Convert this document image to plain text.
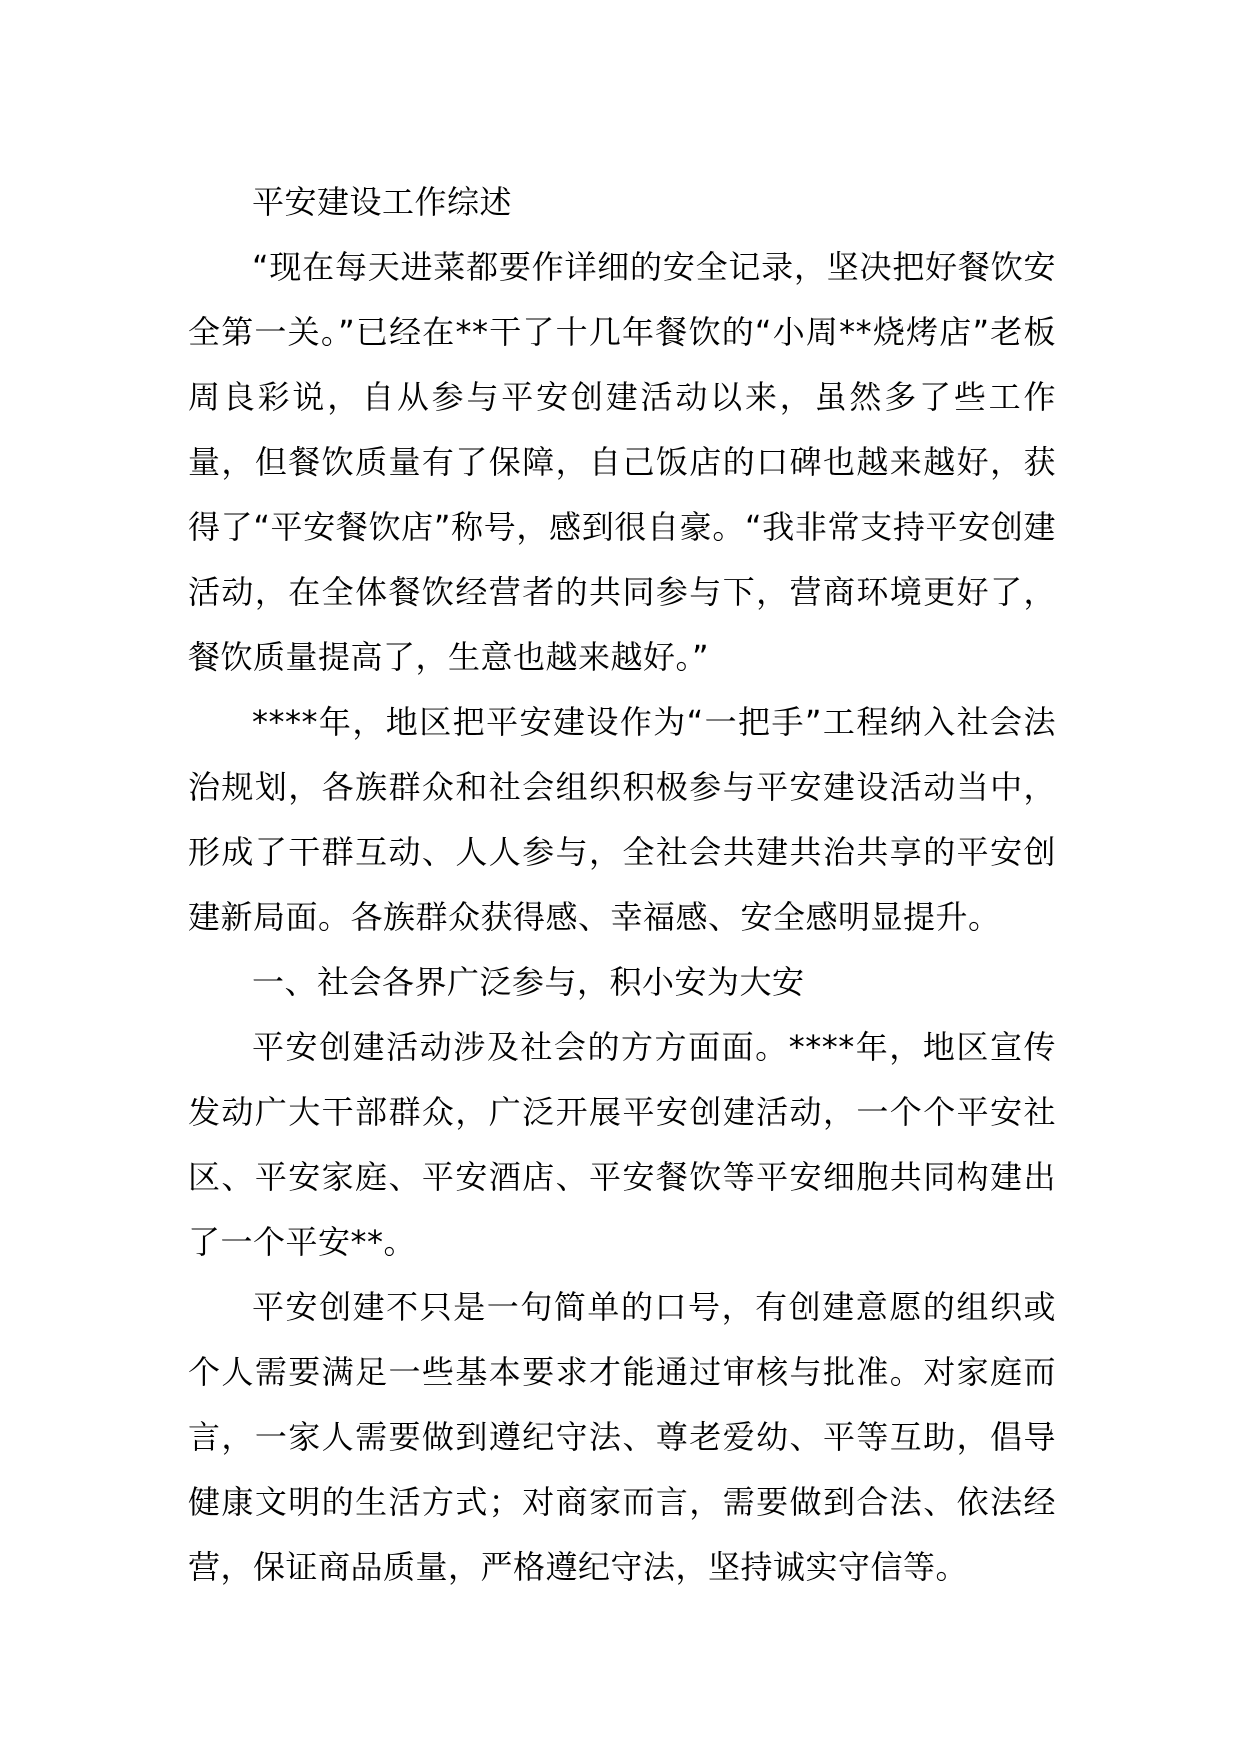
平安建设工作综述

“现在每天进菜都要作详细的安全记录，坚决把好餐饮安全第一关。”已经在**干了十几年餐饮的“小周**烧烤店”老板周良彩说，自从参与平安创建活动以来，虽然多了些工作量，但餐饮质量有了保障，自己饭店的口碑也越来越好，获得了“平安餐饮店”称号，感到很自豪。“我非常支持平安创建活动，在全体餐饮经营者的共同参与下，营商环境更好了，餐饮质量提高了，生意也越来越好。”

****年，地区把平安建设作为“一把手”工程纳入社会法治规划，各族群众和社会组织积极参与平安建设活动当中，形成了干群互动、人人参与，全社会共建共治共享的平安创建新局面。各族群众获得感、幸福感、安全感明显提升。

一、社会各界广泛参与，积小安为大安

平安创建活动涉及社会的方方面面。****年，地区宣传发动广大干部群众，广泛开展平安创建活动，一个个平安社区、平安家庭、平安酒店、平安餐饮等平安细胞共同构建出了一个平安**。

平安创建不只是一句简单的口号，有创建意愿的组织或个人需要满足一些基本要求才能通过审核与批准。对家庭而言，一家人需要做到遵纪守法、尊老爱幼、平等互助，倡导健康文明的生活方式；对商家而言，需要做到合法、依法经营，保证商品质量，严格遵纪守法，坚持诚实守信等。
